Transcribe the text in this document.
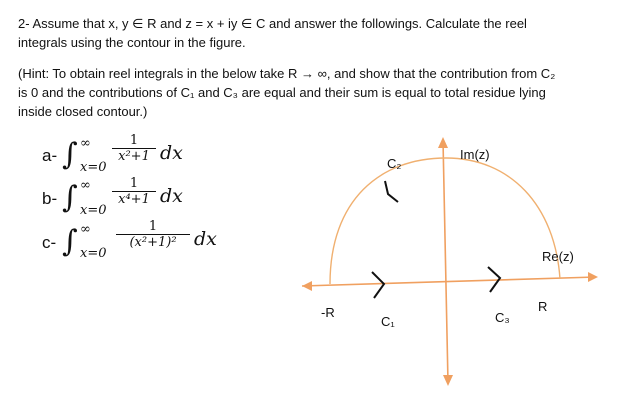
2- Assume that x, y ∈ R and z = x + iy ∈ C and answer the followings. Calculate the reel
integrals using the contour in the figure.
(Hint: To obtain reel integrals in the below take R → ∞, and show that the contribution from C₂
is 0 and the contributions of C₁ and C₃ are equal and their sum is equal to total residue lying
inside closed contour.)
a- ∫ ∞
x=0
1
x²+1 dx
b- ∫ ∞
x=0
1
x⁴+1 dx
c- ∫ ∞
x=0
1
(x²+1)² dx
Im(z)
Re(z)
-R	R
C₁
C₂
C₃
